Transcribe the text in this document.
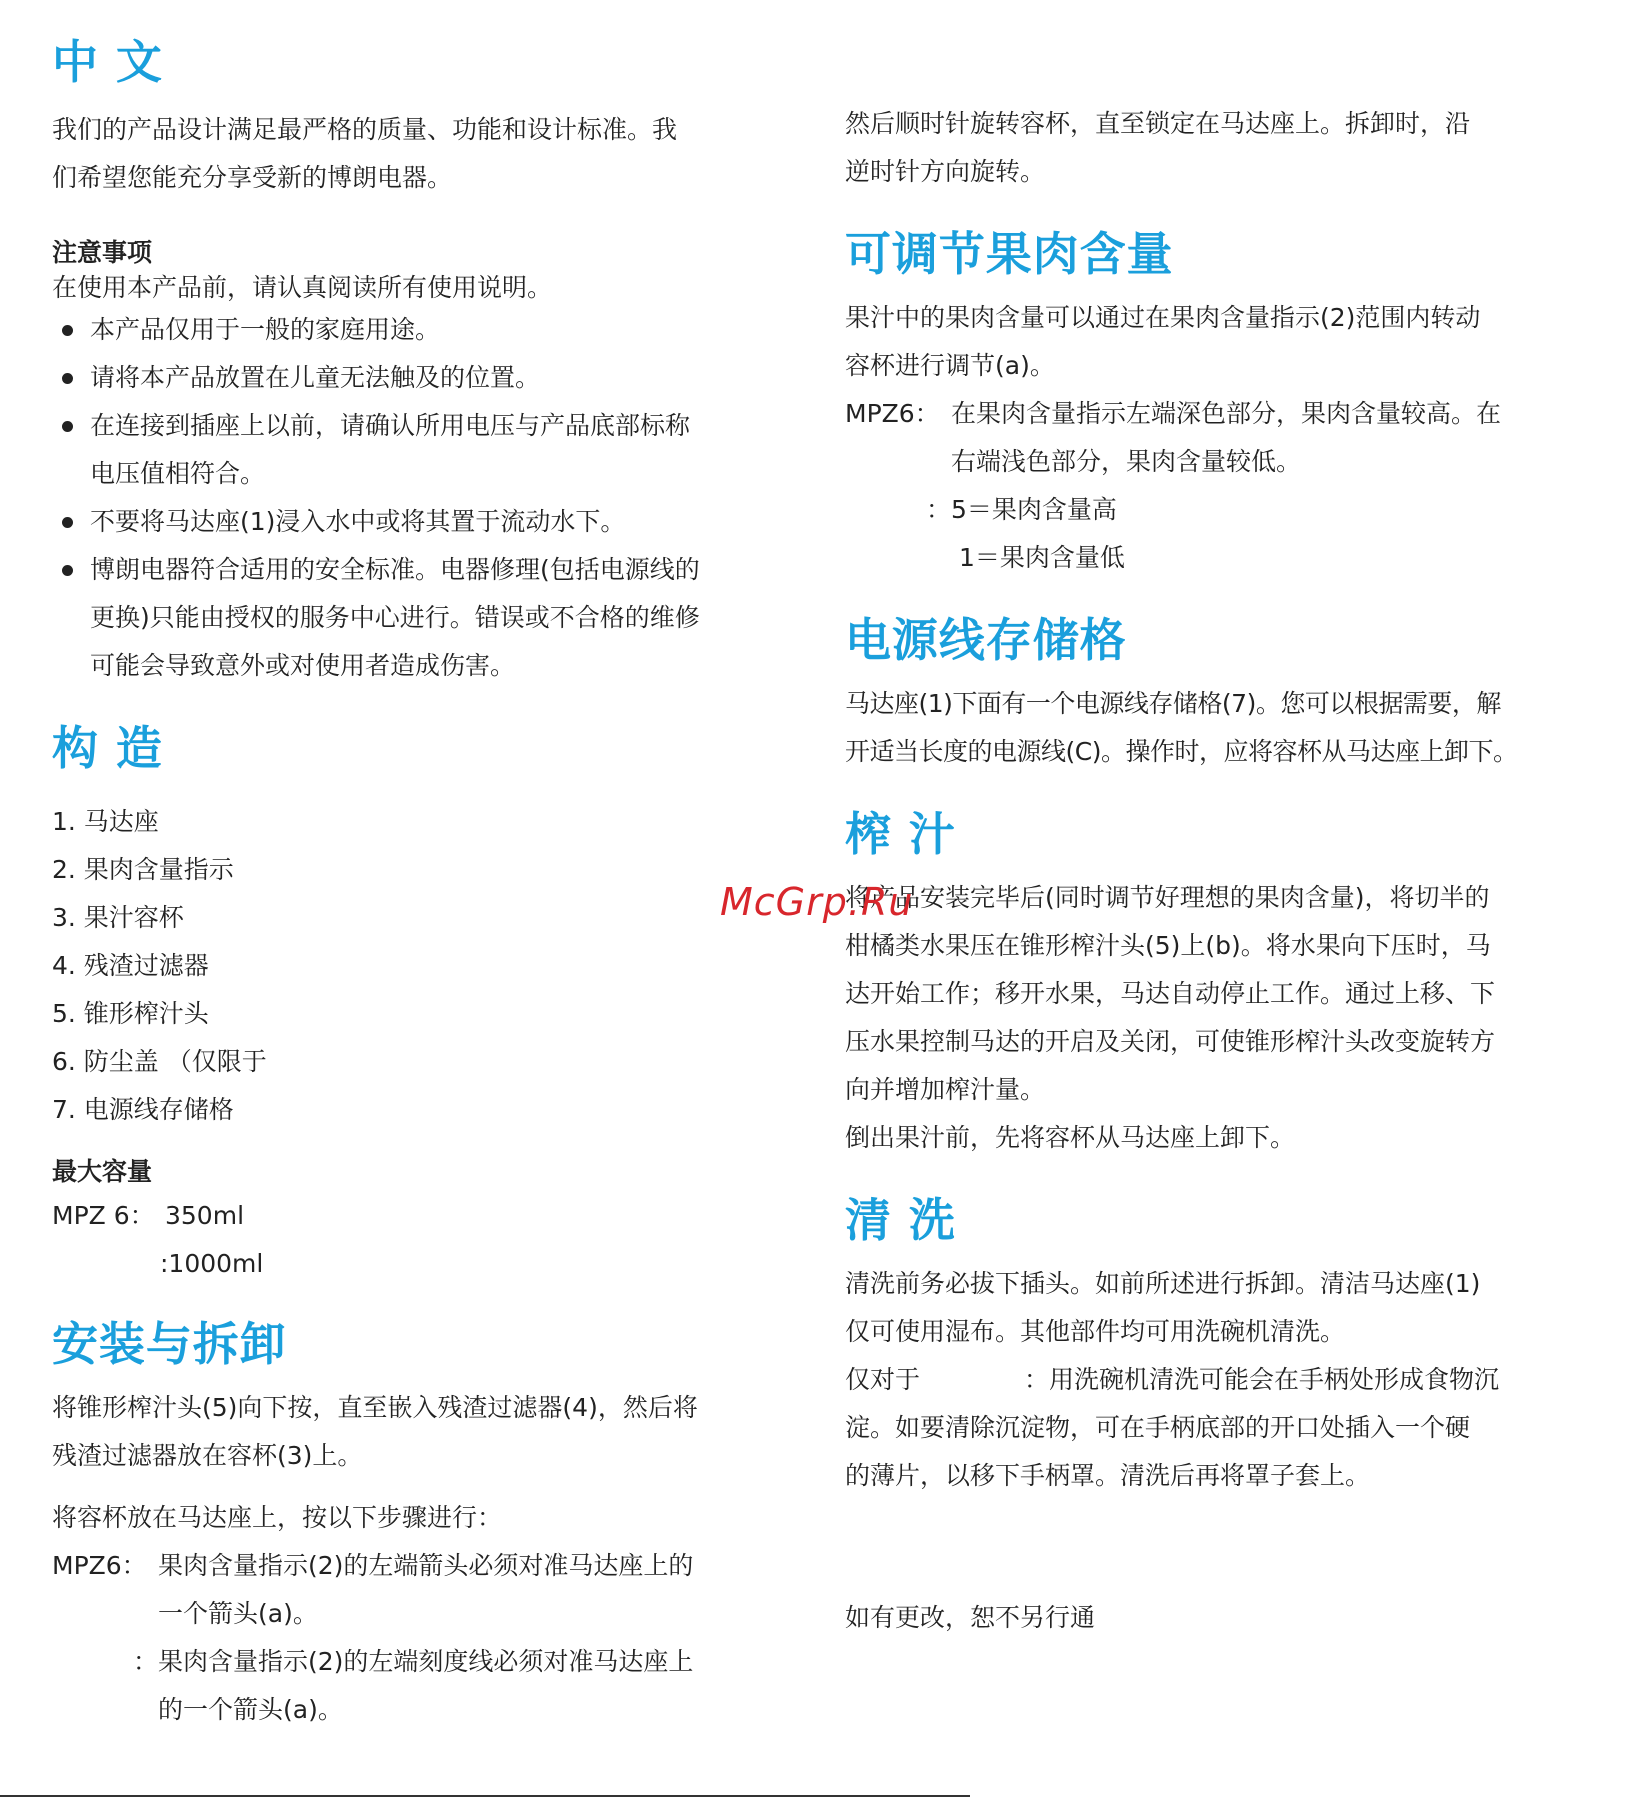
中 文

我们的产品设计满足最严格的质量、功能和设计标准。我

们希望您能充分享受新的博朗电器。

注意事项

在使用本产品前，请认真阅读所有使用说明。

本产品仅用于一般的家庭用途。
请将本产品放置在儿童无法触及的位置。
在连接到插座上以前，请确认所用电压与产品底部标称
电压值相符合。
不要将马达座(1)浸入水中或将其置于流动水下。
博朗电器符合适用的安全标准。电器修理(包括电源线的
更换)只能由授权的服务中心进行。错误或不合格的维修
可能会导致意外或对使用者造成伤害。
构 造
1. 马达座
2. 果肉含量指示
3. 果汁容杯
4. 残渣过滤器
5. 锥形榨汁头
6. 防尘盖 （仅限于
7. 电源线存储格

最大容量

MPZ 6： 350ml
:1000ml
安装与拆卸

将锥形榨汁头(5)向下按，直至嵌入残渣过滤器(4)，然后将

残渣过滤器放在容杯(3)上。

将容杯放在马达座上，按以下步骤进行：

MPZ6： 果肉含量指示(2)的左端箭头必须对准马达座上的
一个箭头(a)。
： 果肉含量指示(2)的左端刻度线必须对准马达座上
的一个箭头(a)。

然后顺时针旋转容杯，直至锁定在马达座上。拆卸时，沿

逆时针方向旋转。

可调节果肉含量

果汁中的果肉含量可以通过在果肉含量指示(2)范围内转动

容杯进行调节(a)。

MPZ6： 在果肉含量指示左端深色部分，果肉含量较高。在
右端浅色部分，果肉含量较低。
： 5＝果肉含量高
1＝果肉含量低
电源线存储格

马达座(1)下面有一个电源线存储格(7)。您可以根据需要，解

开适当长度的电源线(C)。操作时，应将容杯从马达座上卸下。

榨 汁

将产品安装完毕后(同时调节好理想的果肉含量)，将切半的

柑橘类水果压在锥形榨汁头(5)上(b)。将水果向下压时，马

达开始工作；移开水果，马达自动停止工作。通过上移、下

压水果控制马达的开启及关闭，可使锥形榨汁头改变旋转方

向并增加榨汁量。

倒出果汁前，先将容杯从马达座上卸下。

清 洗

清洗前务必拔下插头。如前所述进行拆卸。清洁马达座(1)

仅可使用湿布。其他部件均可用洗碗机清洗。

仅对于	：用洗碗机清洗可能会在手柄处形成食物沉

淀。如要清除沉淀物，可在手柄底部的开口处插入一个硬

的薄片，以移下手柄罩。清洗后再将罩子套上。

如有更改，恕不另行通

McGrp.Ru
